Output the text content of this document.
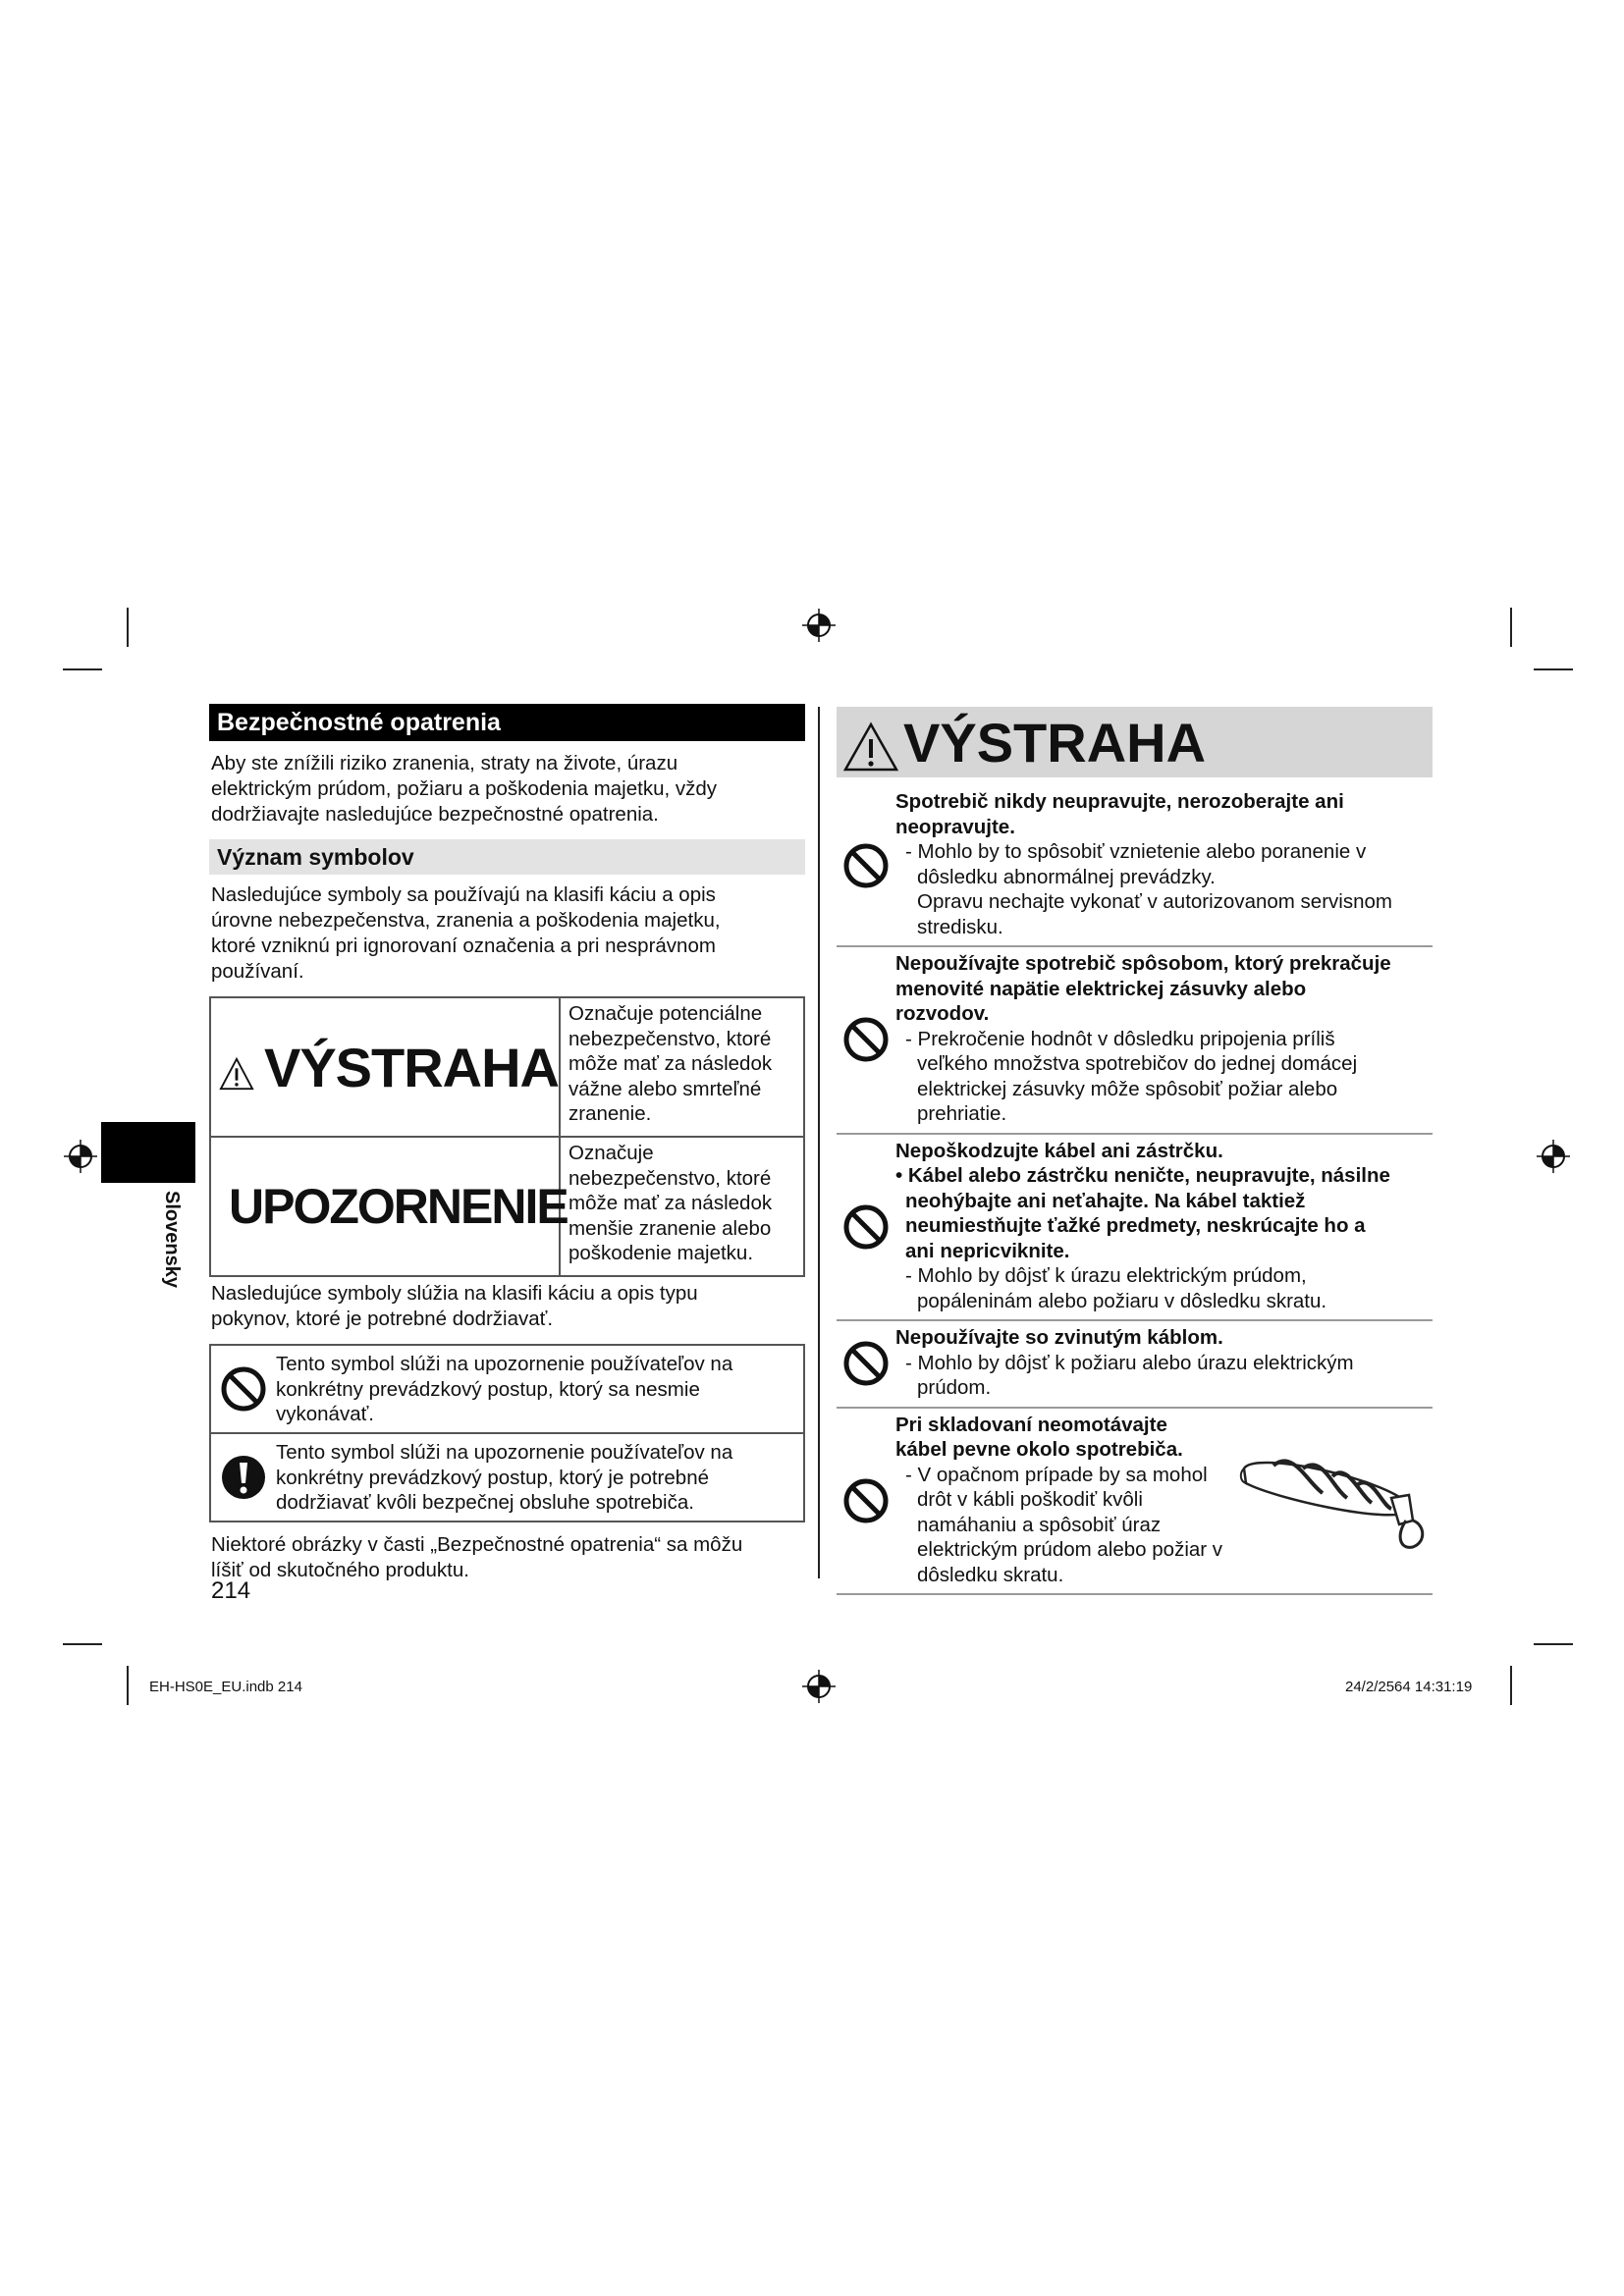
Slovensky
Bezpečnostné opatrenia
Aby ste znížili riziko zranenia, straty na živote, úrazu
elektrickým prúdom, požiaru a poškodenia majetku, vždy
dodržiavajte nasledujúce bezpečnostné opatrenia.
Význam symbolov
Nasledujúce symboly sa používajú na klasifi káciu a opis
úrovne nebezpečenstva, zranenia a poškodenia majetku,
ktoré vzniknú pri ignorovaní označenia a pri nesprávnom
používaní.
VÝSTRAHA
Označuje potenciálne
nebezpečenstvo, ktoré
môže mať za následok
vážne alebo smrteľné
zranenie.
UPOZORNENIE
Označuje
nebezpečenstvo, ktoré
môže mať za následok
menšie zranenie alebo
poškodenie majetku.
Nasledujúce symboly slúžia na klasifi káciu a opis typu
pokynov, ktoré je potrebné dodržiavať.
Tento symbol slúži na upozornenie používateľov na
konkrétny prevádzkový postup, ktorý sa nesmie
vykonávať.
Tento symbol slúži na upozornenie používateľov na
konkrétny prevádzkový postup, ktorý je potrebné
dodržiavať kvôli bezpečnej obsluhe spotrebiča.
Niektoré obrázky v časti „Bezpečnostné opatrenia“ sa môžu
líšiť od skutočného produktu.
214
VÝSTRAHA
Spotrebič nikdy neupravujte, nerozoberajte ani
neopravujte.
- Mohlo by to spôsobiť vznietenie alebo poranenie v
dôsledku abnormálnej prevádzky.
Opravu nechajte vykonať v autorizovanom servisnom
stredisku.
Nepoužívajte spotrebič spôsobom, ktorý prekračuje
menovité napätie elektrickej zásuvky alebo
rozvodov.
- Prekročenie hodnôt v dôsledku pripojenia príliš
veľkého množstva spotrebičov do jednej domácej
elektrickej zásuvky môže spôsobiť požiar alebo
prehriatie.
Nepoškodzujte kábel ani zástrčku.
• Kábel alebo zástrčku neničte, neupravujte, násilne
neohýbajte ani neťahajte. Na kábel taktiež
neumiestňujte ťažké predmety, neskrúcajte ho a
ani nepricviknite.
- Mohlo by dôjsť k úrazu elektrickým prúdom,
popáleninám alebo požiaru v dôsledku skratu.
Nepoužívajte so zvinutým káblom.
- Mohlo by dôjsť k požiaru alebo úrazu elektrickým
prúdom.
Pri skladovaní neomotávajte
kábel pevne okolo spotrebiča.
- V opačnom prípade by sa mohol
drôt v kábli poškodiť kvôli
namáhaniu a spôsobiť úraz
elektrickým prúdom alebo požiar v
dôsledku skratu.
EH-HS0E_EU.indb 214	24/2/2564 14:31:19
